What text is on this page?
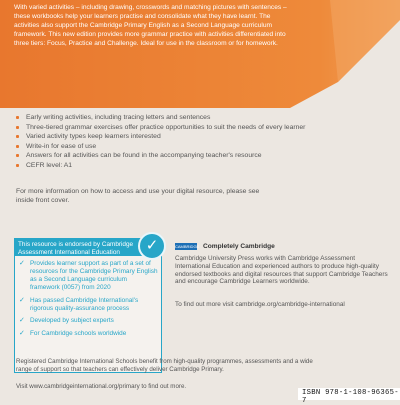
With varied activities – including drawing, crosswords and matching pictures with sentences – these workbooks help your learners practise and consolidate what they have learnt. The activities also support the Cambridge Primary English as a Second Language curriculum framework. This new edition provides more grammar practice with activities differentiated into three tiers: Focus, Practice and Challenge. Ideal for use in the classroom or for homework.

Early writing activities, including tracing letters and sentences
Three-tiered grammar exercises offer practice opportunities to suit the needs of every learner
Varied activity types keep learners interested
Write-in for ease of use
Answers for all activities can be found in the accompanying teacher's resource
CEFR level: A1

For more information on how to access and use your digital resource, please see inside front cover.

This resource is endorsed by Cambridge Assessment International Education
✓ Provides learner support as part of a set of resources for the Cambridge Primary English as a Second Language curriculum framework (0057) from 2020
✓ Has passed Cambridge International's rigorous quality-assurance process
✓ Developed by subject experts
✓ For Cambridge schools worldwide
✓	CAMBRIDGE Completely Cambridge

Cambridge University Press works with Cambridge Assessment International Education and experienced authors to produce high-quality endorsed textbooks and digital resources that support Cambridge Teachers and encourage Cambridge Learners worldwide.

To find out more visit cambridge.org/cambridge-international

Registered Cambridge International Schools benefit from high-quality programmes, assessments and a wide range of support so that teachers can effectively deliver Cambridge Primary.

Visit www.cambridgeinternational.org/primary to find out more.

ISBN 978-1-108-96365-7
